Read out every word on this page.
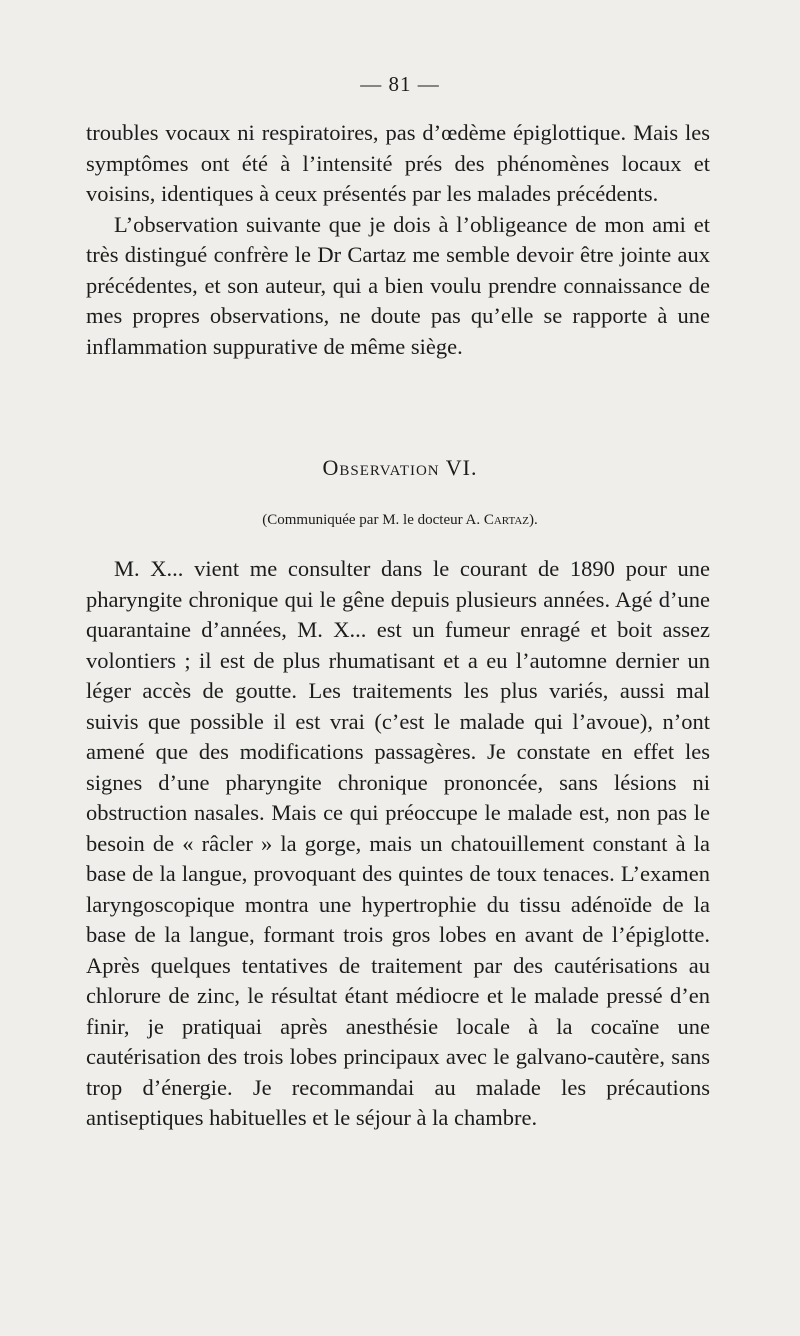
— 81 —

troubles vocaux ni respiratoires, pas d’œdème épiglottique. Mais les symptômes ont été à l’intensité prés des phénomènes locaux et voisins, identiques à ceux présentés par les malades précédents.

L’observation suivante que je dois à l’obligeance de mon ami et très distingué confrère le Dr Cartaz me semble devoir être jointe aux précédentes, et son auteur, qui a bien voulu prendre connaissance de mes propres observations, ne doute pas qu’elle se rapporte à une inflammation suppurative de même siège.

Observation VI.
(Communiquée par M. le docteur A. Cartaz).

M. X... vient me consulter dans le courant de 1890 pour une pharyngite chronique qui le gêne depuis plusieurs années. Agé d’une quarantaine d’années, M. X... est un fumeur enragé et boit assez volontiers ; il est de plus rhumatisant et a eu l’automne dernier un léger accès de goutte. Les traitements les plus variés, aussi mal suivis que possible il est vrai (c’est le malade qui l’avoue), n’ont amené que des modifications passagères. Je constate en effet les signes d’une pharyngite chronique prononcée, sans lésions ni obstruction nasales. Mais ce qui préoccupe le malade est, non pas le besoin de « râcler » la gorge, mais un chatouillement constant à la base de la langue, provoquant des quintes de toux tenaces. L’examen laryngoscopique montra une hypertrophie du tissu adénoïde de la base de la langue, formant trois gros lobes en avant de l’épiglotte. Après quelques tentatives de traitement par des cautérisations au chlorure de zinc, le résultat étant médiocre et le malade pressé d’en finir, je pratiquai après anesthésie locale à la cocaïne une cautérisation des trois lobes principaux avec le galvano-cautère, sans trop d’énergie. Je recommandai au malade les précautions antiseptiques habituelles et le séjour à la chambre.
